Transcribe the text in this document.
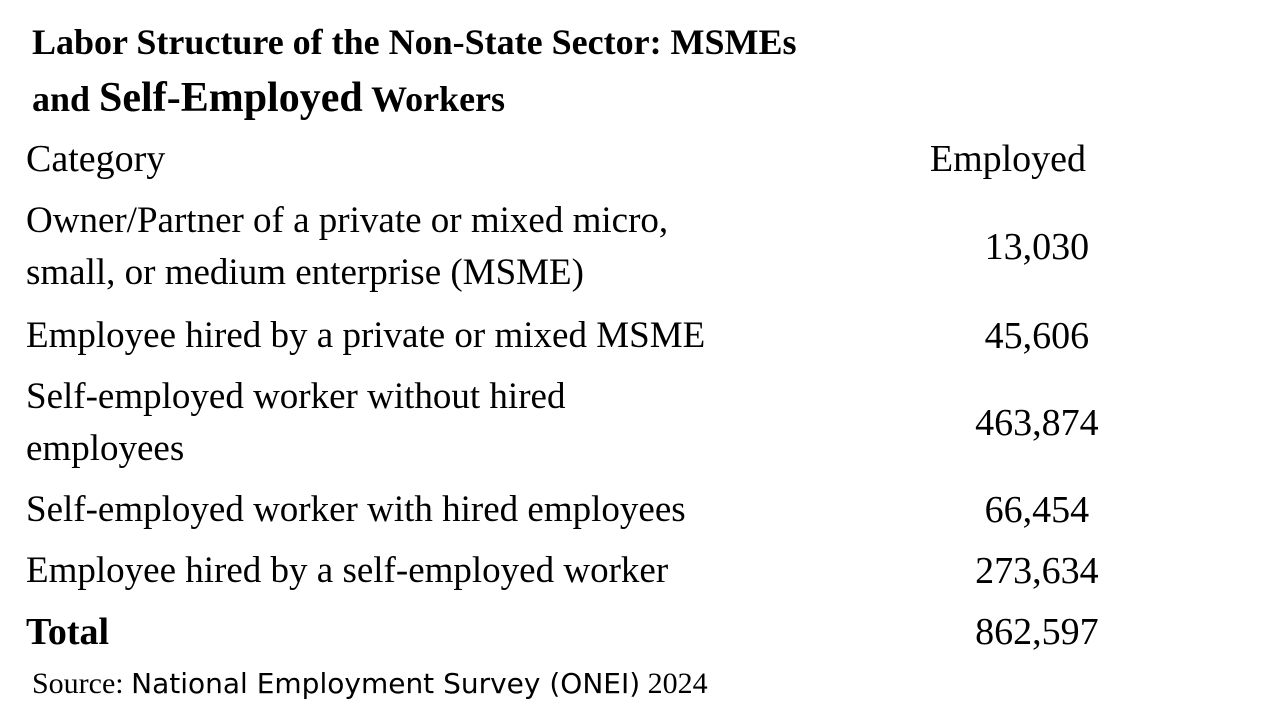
Labor Structure of the Non-State Sector: MSMEs
and Self-Employed Workers
Category	Employed
Owner/Partner of a private or mixed micro,
small, or medium enterprise (MSME)	13,030
Employee hired by a private or mixed MSME	45,606
Self-employed worker without hired
employees	463,874
Self-employed worker with hired employees	66,454
Employee hired by a self-employed worker	273,634
Total	862,597
Source: National Employment Survey (ONEI) 2024
